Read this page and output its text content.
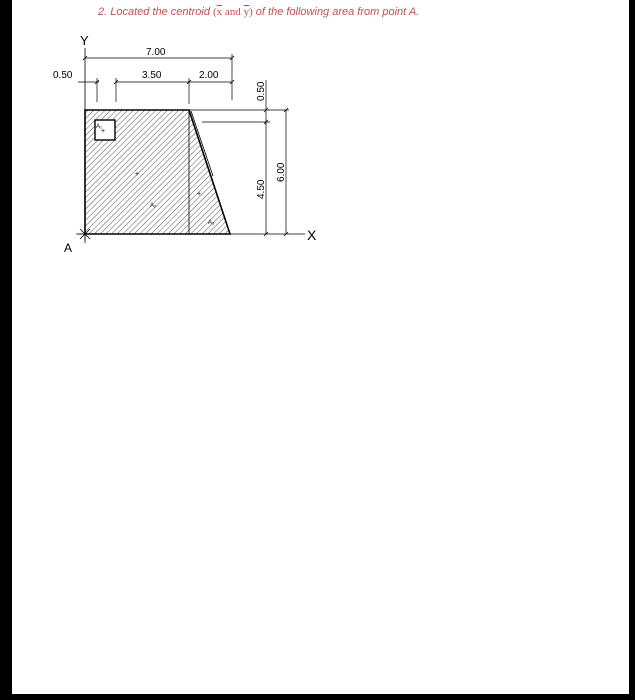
2. Located the centroid ($\overline{x}$ and $\overline{y}$) of the following area from point A.
A₁
+
+
A₂
+
A₃
Y
X
A
7.00
0.50	3.50	2.00
0.50
4.50
6.00
